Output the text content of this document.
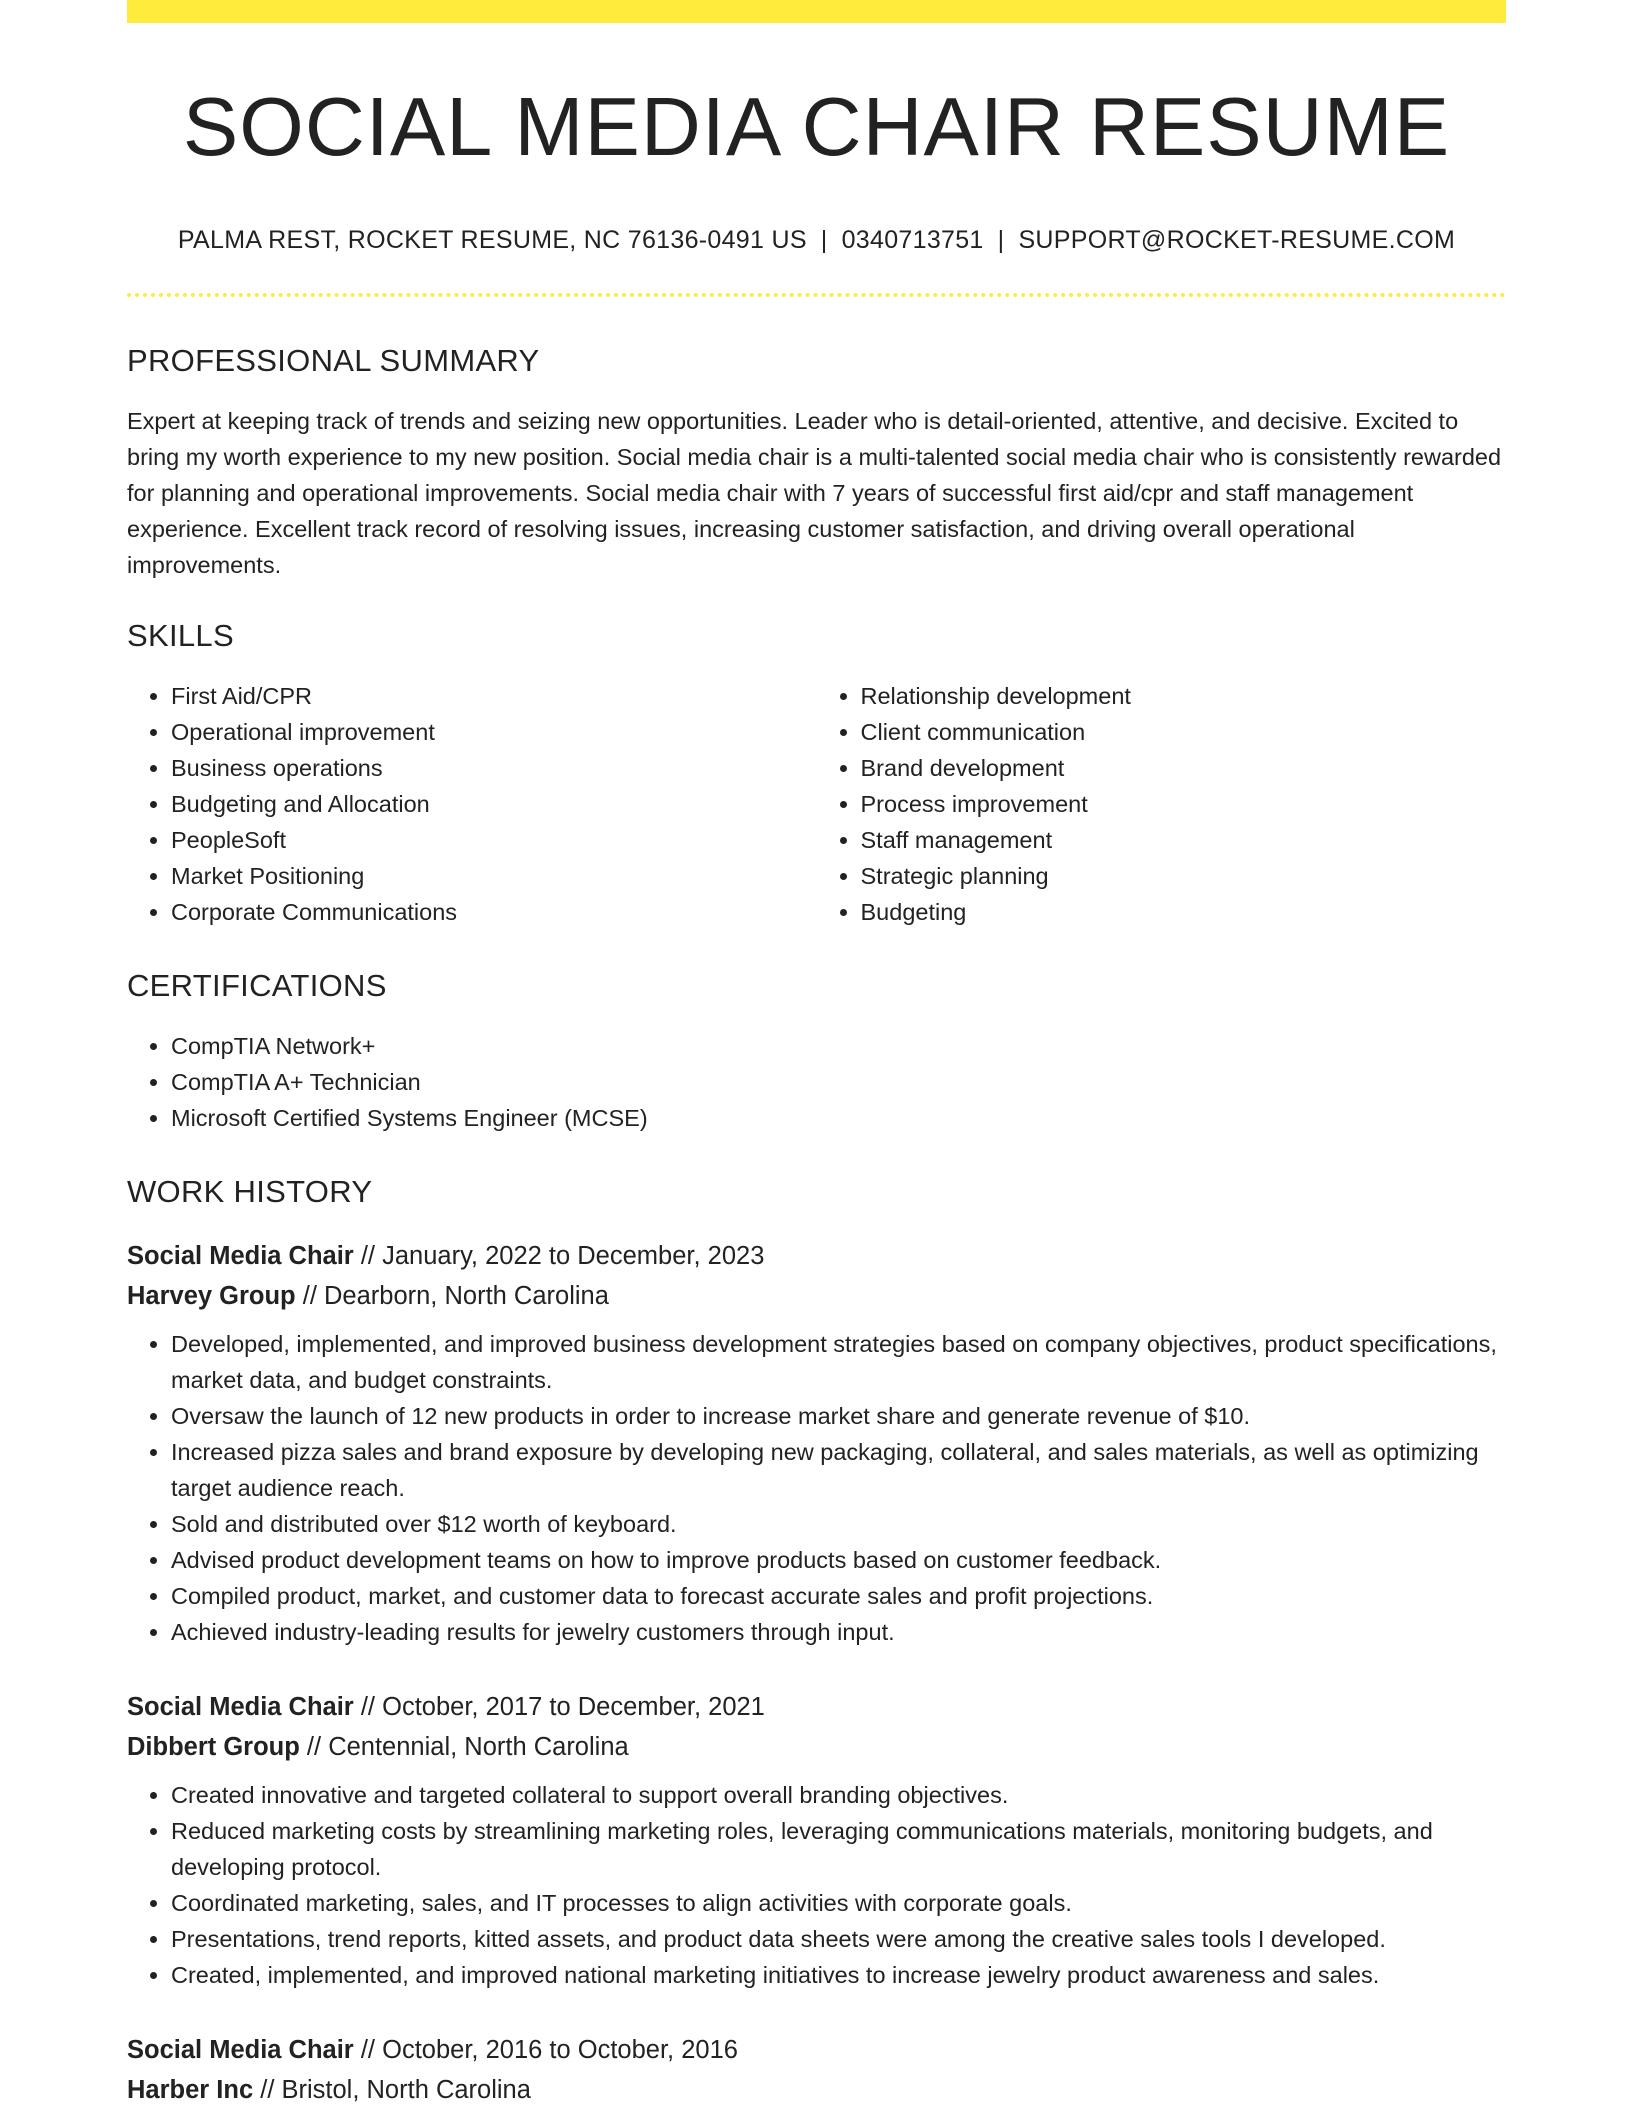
SOCIAL MEDIA CHAIR RESUME
PALMA REST, ROCKET RESUME, NC 76136-0491 US | 0340713751 | SUPPORT@ROCKET-RESUME.COM
PROFESSIONAL SUMMARY
Expert at keeping track of trends and seizing new opportunities. Leader who is detail-oriented, attentive, and decisive. Excited to bring my worth experience to my new position. Social media chair is a multi-talented social media chair who is consistently rewarded for planning and operational improvements. Social media chair with 7 years of successful first aid/cpr and staff management experience. Excellent track record of resolving issues, increasing customer satisfaction, and driving overall operational improvements.
SKILLS
• First Aid/CPR
• Operational improvement
• Business operations
• Budgeting and Allocation
• PeopleSoft
• Market Positioning
• Corporate Communications
• Relationship development
• Client communication
• Brand development
• Process improvement
• Staff management
• Strategic planning
• Budgeting
CERTIFICATIONS
• CompTIA Network+
• CompTIA A+ Technician
• Microsoft Certified Systems Engineer (MCSE)
WORK HISTORY
Social Media Chair // January, 2022 to December, 2023
Harvey Group // Dearborn, North Carolina
• Developed, implemented, and improved business development strategies based on company objectives, product specifications, market data, and budget constraints.
• Oversaw the launch of 12 new products in order to increase market share and generate revenue of $10.
• Increased pizza sales and brand exposure by developing new packaging, collateral, and sales materials, as well as optimizing target audience reach.
• Sold and distributed over $12 worth of keyboard.
• Advised product development teams on how to improve products based on customer feedback.
• Compiled product, market, and customer data to forecast accurate sales and profit projections.
• Achieved industry-leading results for jewelry customers through input.
Social Media Chair // October, 2017 to December, 2021
Dibbert Group // Centennial, North Carolina
• Created innovative and targeted collateral to support overall branding objectives.
• Reduced marketing costs by streamlining marketing roles, leveraging communications materials, monitoring budgets, and developing protocol.
• Coordinated marketing, sales, and IT processes to align activities with corporate goals.
• Presentations, trend reports, kitted assets, and product data sheets were among the creative sales tools I developed.
• Created, implemented, and improved national marketing initiatives to increase jewelry product awareness and sales.
Social Media Chair // October, 2016 to October, 2016
Harber Inc // Bristol, North Carolina
